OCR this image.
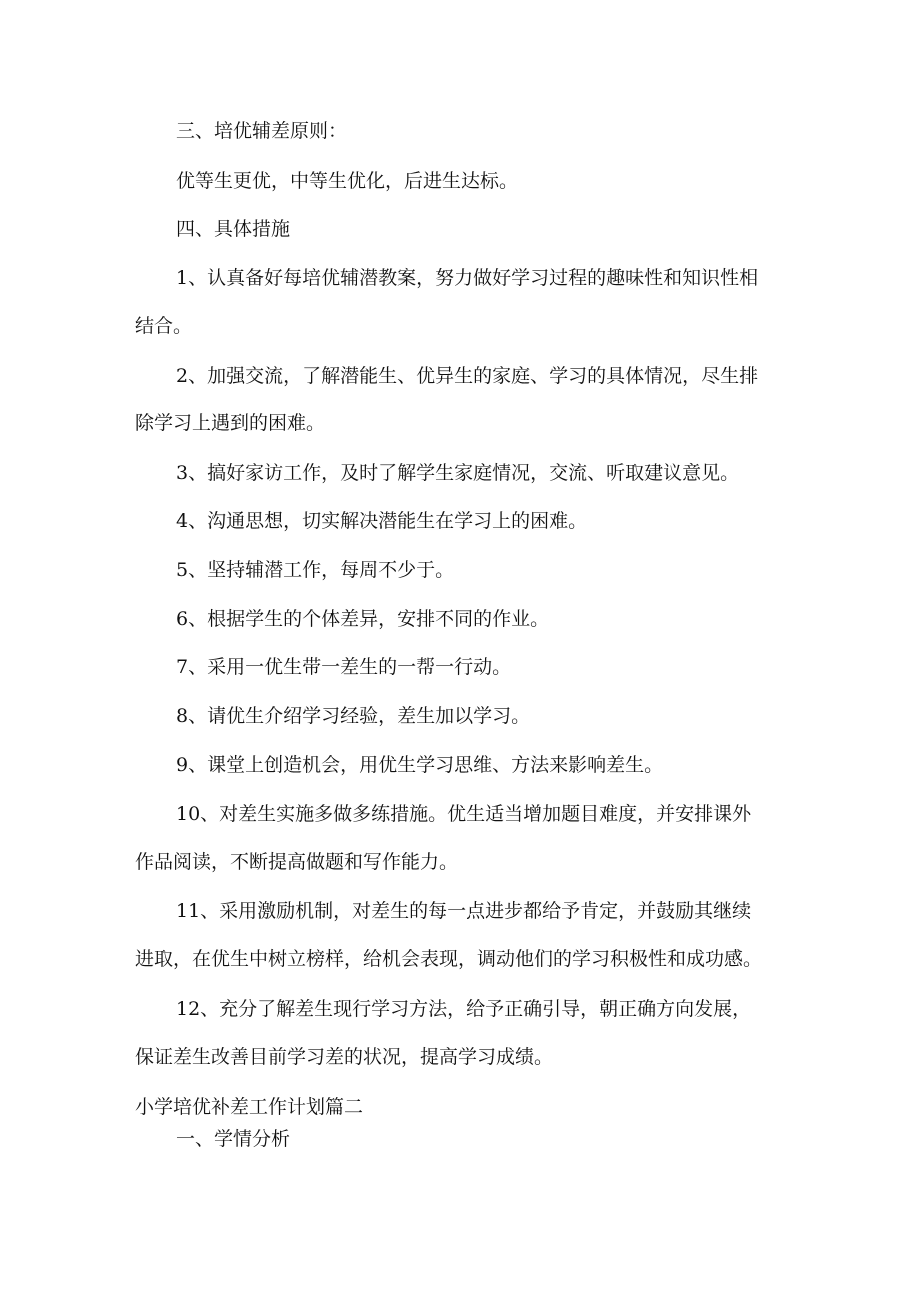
三、培优辅差原则：

优等生更优，中等生优化，后进生达标。

四、具体措施

1、认真备好每培优辅潜教案，努力做好学习过程的趣味性和知识性相

结合。

2、加强交流，了解潜能生、优异生的家庭、学习的具体情况，尽生排

除学习上遇到的困难。

3、搞好家访工作，及时了解学生家庭情况，交流、听取建议意见。

4、沟通思想，切实解决潜能生在学习上的困难。

5、坚持辅潜工作，每周不少于。

6、根据学生的个体差异，安排不同的作业。

7、采用一优生带一差生的一帮一行动。

8、请优生介绍学习经验，差生加以学习。

9、课堂上创造机会，用优生学习思维、方法来影响差生。

10、对差生实施多做多练措施。优生适当增加题目难度，并安排课外

作品阅读，不断提高做题和写作能力。

11、采用激励机制，对差生的每一点进步都给予肯定，并鼓励其继续

进取，在优生中树立榜样，给机会表现，调动他们的学习积极性和成功感。

12、充分了解差生现行学习方法，给予正确引导，朝正确方向发展，

保证差生改善目前学习差的状况，提高学习成绩。

小学培优补差工作计划篇二

一、学情分析
